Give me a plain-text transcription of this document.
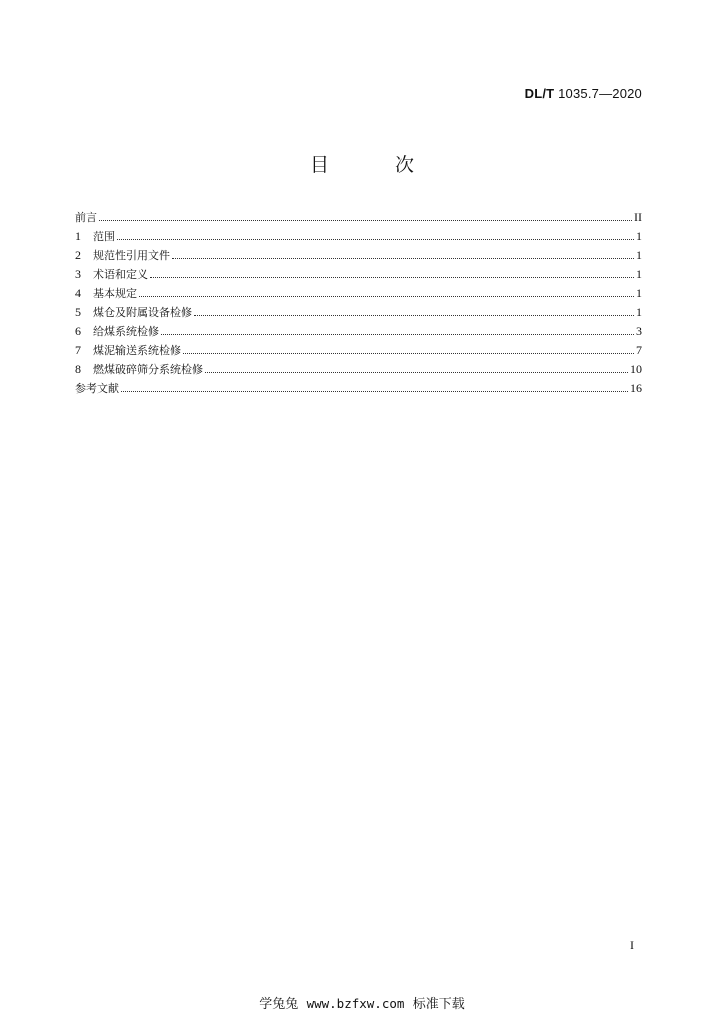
DL/T 1035.7—2020
目 次
前言	II
1	范围	1
2	规范性引用文件	1
3	术语和定义	1
4	基本规定	1
5	煤仓及附属设备检修	1
6	给煤系统检修	3
7	煤泥输送系统检修	7
8	燃煤破碎筛分系统检修	10
参考文献	16
I
学兔兔 www.bzfxw.com 标准下载
